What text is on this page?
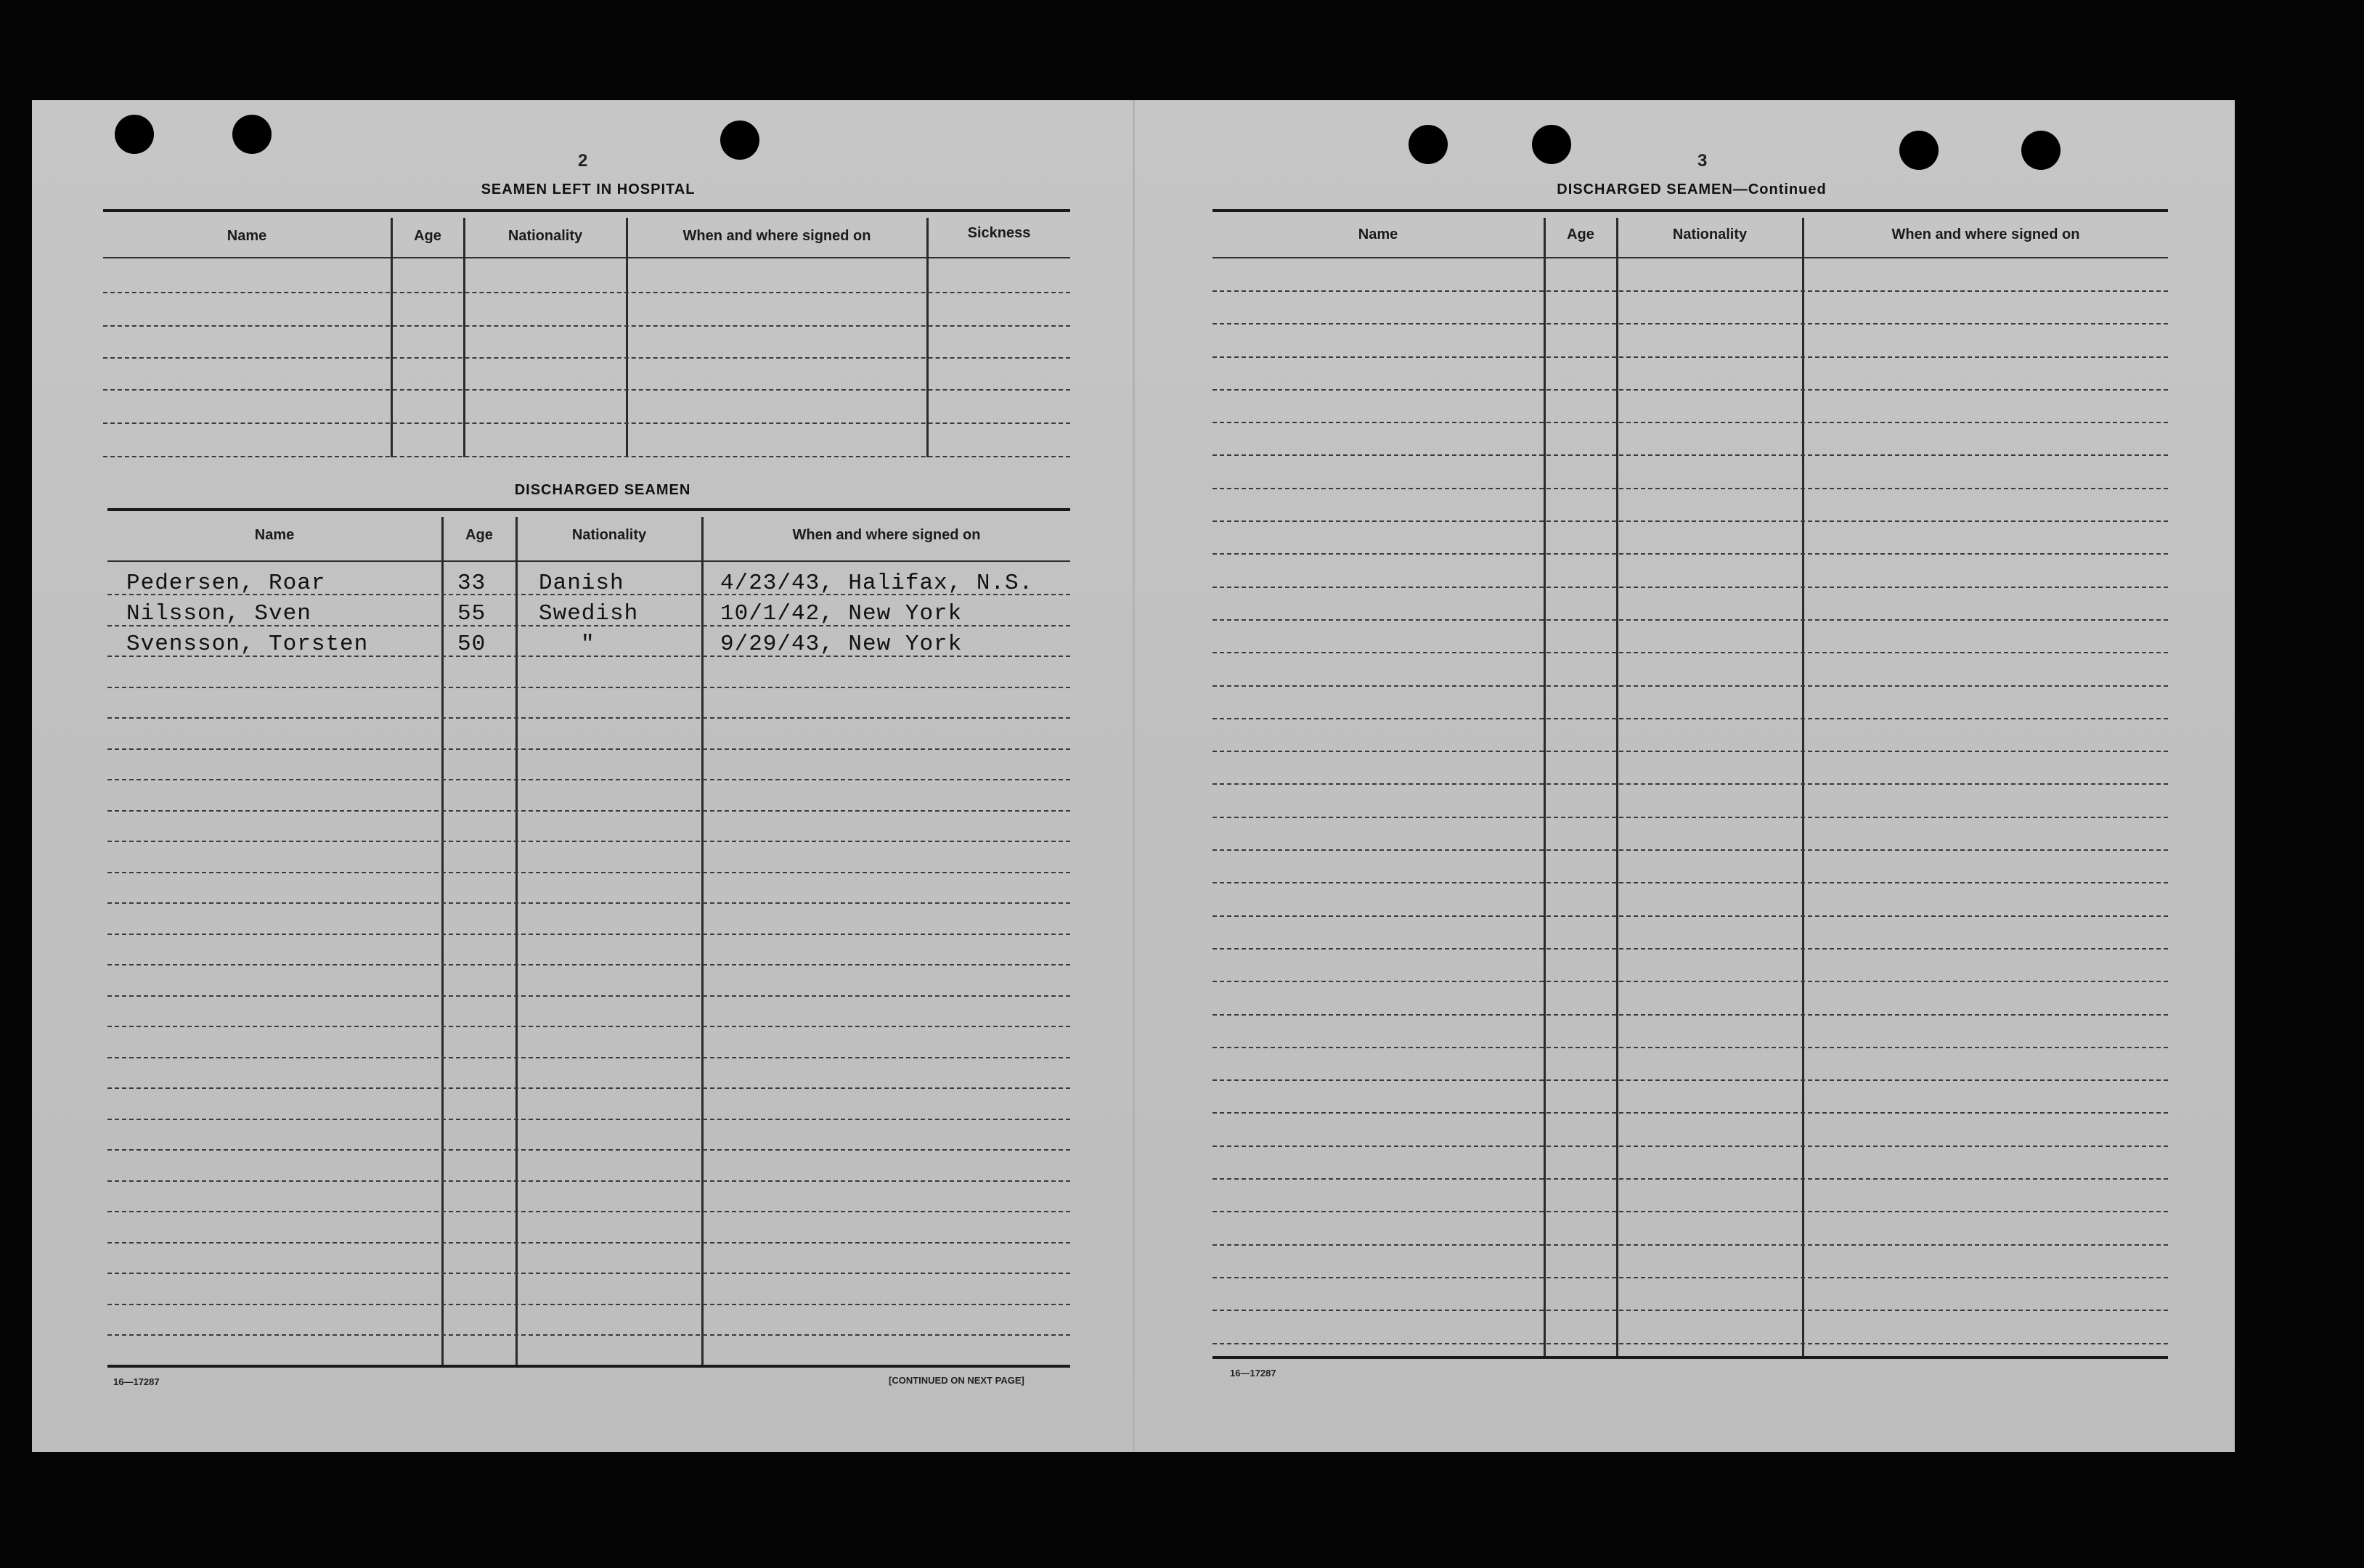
2
SEAMEN LEFT IN HOSPITAL
Name	Age	Nationality	When and where signed on	Sickness
DISCHARGED SEAMEN
Name	Age	Nationality	When and where signed on
Pedersen, Roar	33 Danish	4/23/43, Halifax, N.S.
Nilsson, Sven	55 Swedish	10/1/42, New York
Svensson, Torsten	50	"	9/29/43, New York
16—17287	[CONTINUED ON NEXT PAGE]
3
DISCHARGED SEAMEN—Continued
Name	Age	Nationality	When and where signed on
16—17287
